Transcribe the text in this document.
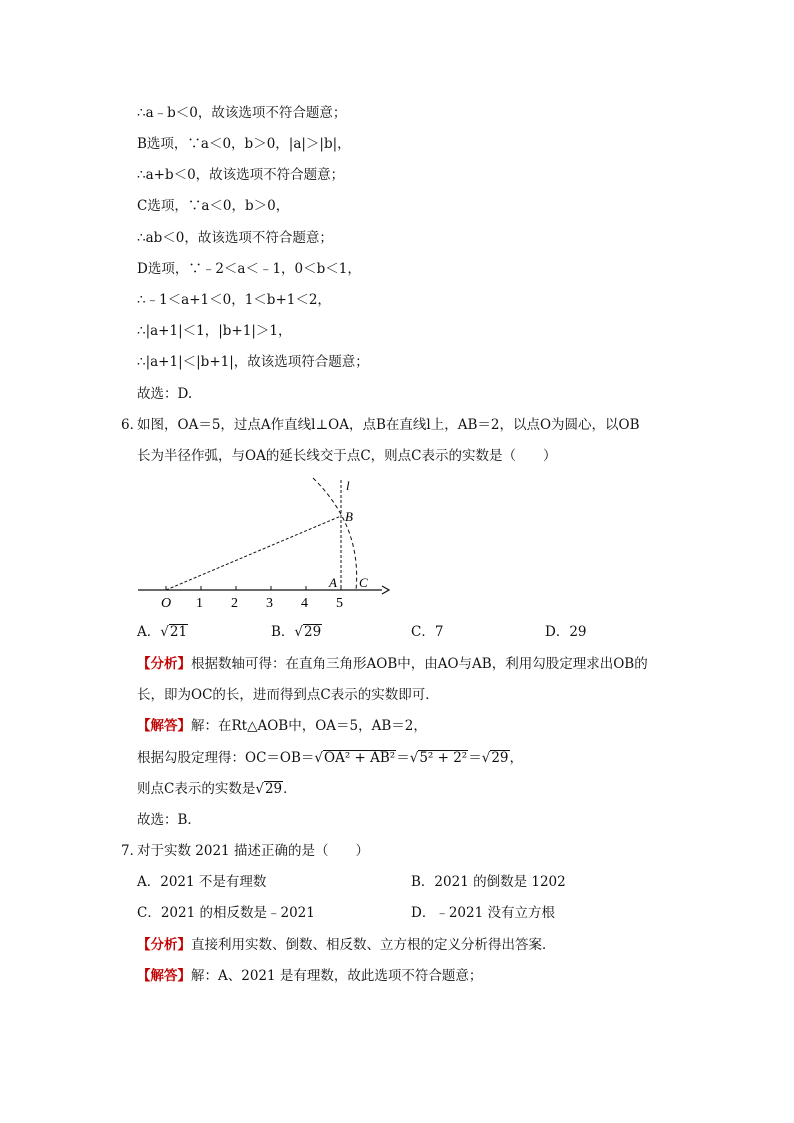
∴a﹣b＜0，故该选项不符合题意；
B选项，∵a＜0，b＞0，|a|＞|b|，
∴a+b＜0，故该选项不符合题意；
C选项，∵a＜0，b＞0，
∴ab＜0，故该选项不符合题意；
D选项，∵﹣2＜a＜﹣1，0＜b＜1，
∴﹣1＜a+1＜0，1＜b+1＜2，
∴|a+1|＜1，|b+1|＞1，
∴|a+1|＜|b+1|，故该选项符合题意；
故选：D.
6．
如图，OA＝5，过点A作直线l⊥OA，点B在直线l上，AB＝2，以点O为圆心，以OB
长为半径作弧，与OA的延长线交于点C，则点C表示的实数是（　　）
O 1 2 3 4 5
A C
B
l
A．√21	B．√29	C．7	D．29
【分析】根据数轴可得：在直角三角形AOB中，由AO与AB，利用勾股定理求出OB的
长，即为OC的长，进而得到点C表示的实数即可．
【解答】解：在Rt△AOB中，OA＝5，AB＝2，
根据勾股定理得：OC＝OB＝√OA² + AB²＝√5² + 2²＝√29，
则点C表示的实数是√29．
故选：B．
7．
对于实数 2021 描述正确的是（　　）
A．2021 不是有理数	B．2021 的倒数是 1202
C．2021 的相反数是﹣2021	D．﹣2021 没有立方根
【分析】直接利用实数、倒数、相反数、立方根的定义分析得出答案．
【解答】解：A、2021 是有理数，故此选项不符合题意；
